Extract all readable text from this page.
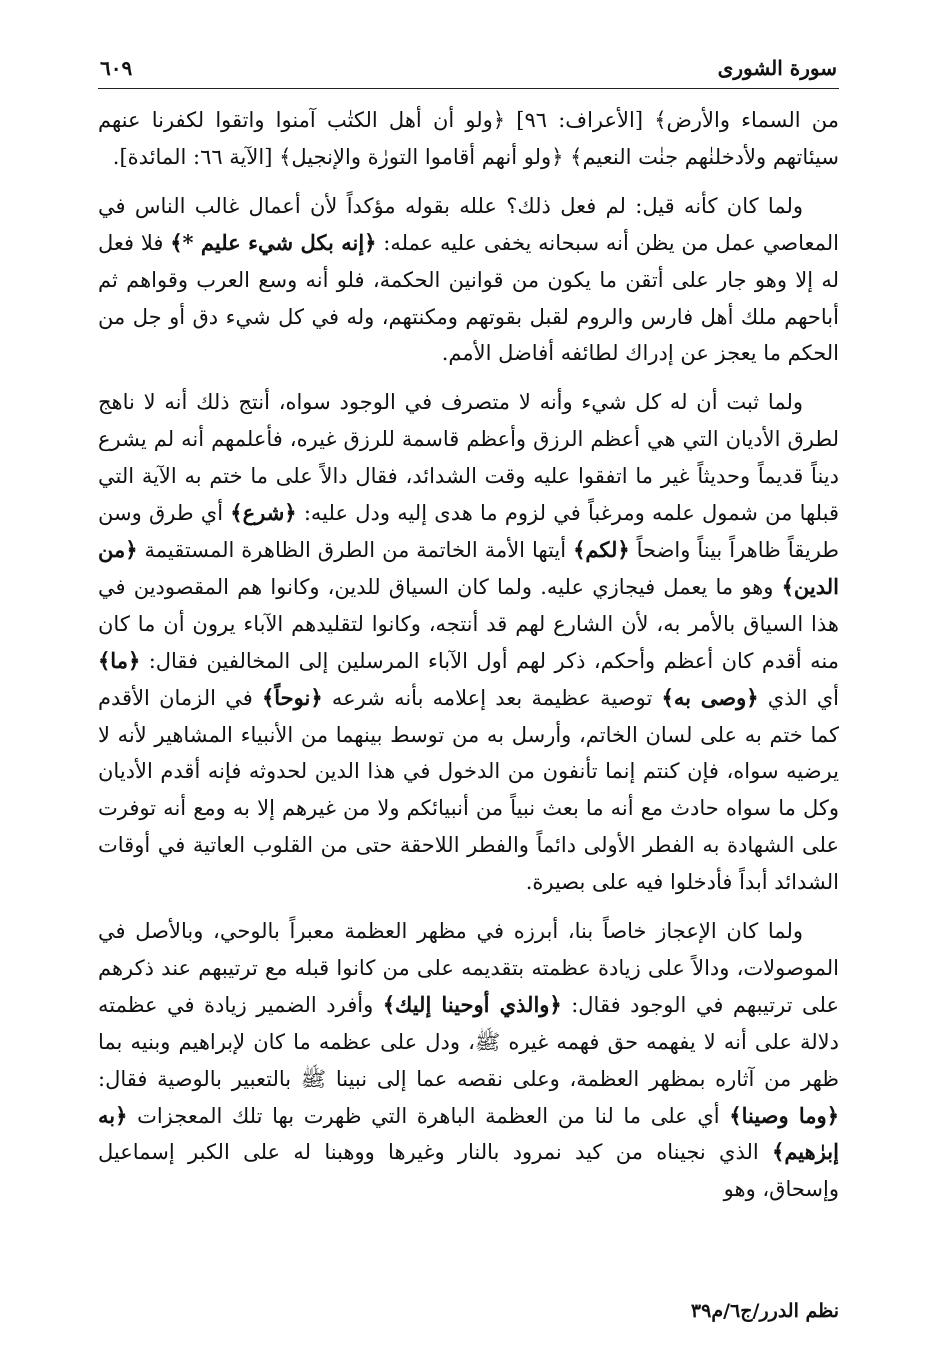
سورة الشورى
٦٠٩

من السماء والأرض﴾ [الأعراف: ٩٦] ﴿ولو أن أهل الكتٰب آمنوا واتقوا لكفرنا عنهم سيئاتهم ولأدخلنٰهم جنٰت النعيم﴾ ﴿ولو أنهم أقاموا التورٰة والإنجيل﴾ [الآية ٦٦: المائدة].

ولما كان كأنه قيل: لم فعل ذلك؟ علله بقوله مؤكداً لأن أعمال غالب الناس في المعاصي عمل من يظن أنه سبحانه يخفى عليه عمله: ﴿إنه بكل شيء عليم *﴾ فلا فعل له إلا وهو جار على أتقن ما يكون من قوانين الحكمة، فلو أنه وسع العرب وقواهم ثم أباحهم ملك أهل فارس والروم لقبل بقوتهم ومكنتهم، وله في كل شيء دق أو جل من الحكم ما يعجز عن إدراك لطائفه أفاضل الأمم.

ولما ثبت أن له كل شيء وأنه لا متصرف في الوجود سواه، أنتج ذلك أنه لا ناهج لطرق الأديان التي هي أعظم الرزق وأعظم قاسمة للرزق غيره، فأعلمهم أنه لم يشرع ديناً قديماً وحديثاً غير ما اتفقوا عليه وقت الشدائد، فقال دالاً على ما ختم به الآية التي قبلها من شمول علمه ومرغباً في لزوم ما هدى إليه ودل عليه: ﴿شرع﴾ أي طرق وسن طريقاً ظاهراً بيناً واضحاً ﴿لكم﴾ أيتها الأمة الخاتمة من الطرق الظاهرة المستقيمة ﴿من الدين﴾ وهو ما يعمل فيجازي عليه. ولما كان السياق للدين، وكانوا هم المقصودين في هذا السياق بالأمر به، لأن الشارع لهم قد أنتجه، وكانوا لتقليدهم الآباء يرون أن ما كان منه أقدم كان أعظم وأحكم، ذكر لهم أول الآباء المرسلين إلى المخالفين فقال: ﴿ما﴾ أي الذي ﴿وصى به﴾ توصية عظيمة بعد إعلامه بأنه شرعه ﴿نوحاً﴾ في الزمان الأقدم كما ختم به على لسان الخاتم، وأرسل به من توسط بينهما من الأنبياء المشاهير لأنه لا يرضيه سواه، فإن كنتم إنما تأنفون من الدخول في هذا الدين لحدوثه فإنه أقدم الأديان وكل ما سواه حادث مع أنه ما بعث نبياً من أنبيائكم ولا من غيرهم إلا به ومع أنه توفرت على الشهادة به الفطر الأولى دائماً والفطر اللاحقة حتى من القلوب العاتية في أوقات الشدائد أبداً فأدخلوا فيه على بصيرة.

ولما كان الإعجاز خاصاً بنا، أبرزه في مظهر العظمة معبراً بالوحي، وبالأصل في الموصولات، ودالاً على زيادة عظمته بتقديمه على من كانوا قبله مع ترتيبهم عند ذكرهم على ترتيبهم في الوجود فقال: ﴿والذي أوحينا إليك﴾ وأفرد الضمير زيادة في عظمته دلالة على أنه لا يفهمه حق فهمه غيره ﷺ، ودل على عظمه ما كان لإبراهيم وبنيه بما ظهر من آثاره بمظهر العظمة، وعلى نقصه عما إلى نبينا ﷺ بالتعبير بالوصية فقال: ﴿وما وصينا﴾ أي على ما لنا من العظمة الباهرة التي ظهرت بها تلك المعجزات ﴿به إبرٰهيم﴾ الذي نجيناه من كيد نمرود بالنار وغيرها ووهبنا له على الكبر إسماعيل وإسحاق، وهو

نظم الدرر/ج٦/م٣٩
